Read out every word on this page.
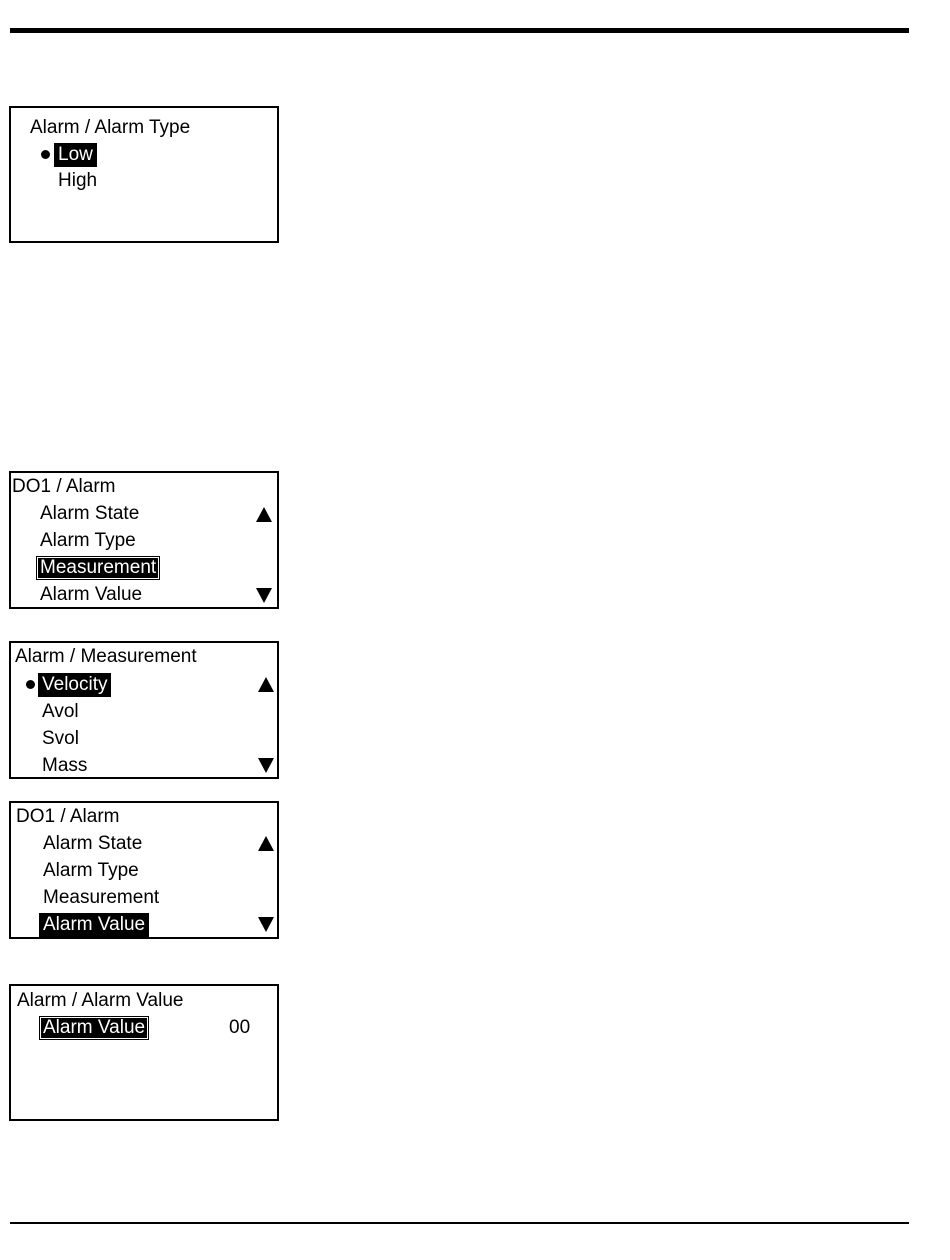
Alarm / Alarm Type
Low
High
DO1 / Alarm
Alarm State
Alarm Type
Measurement
Alarm Value
Alarm / Measurement
Velocity
Avol
Svol
Mass
DO1 / Alarm
Alarm State
Alarm Type
Measurement
Alarm Value
Alarm / Alarm Value
Alarm Value	00
